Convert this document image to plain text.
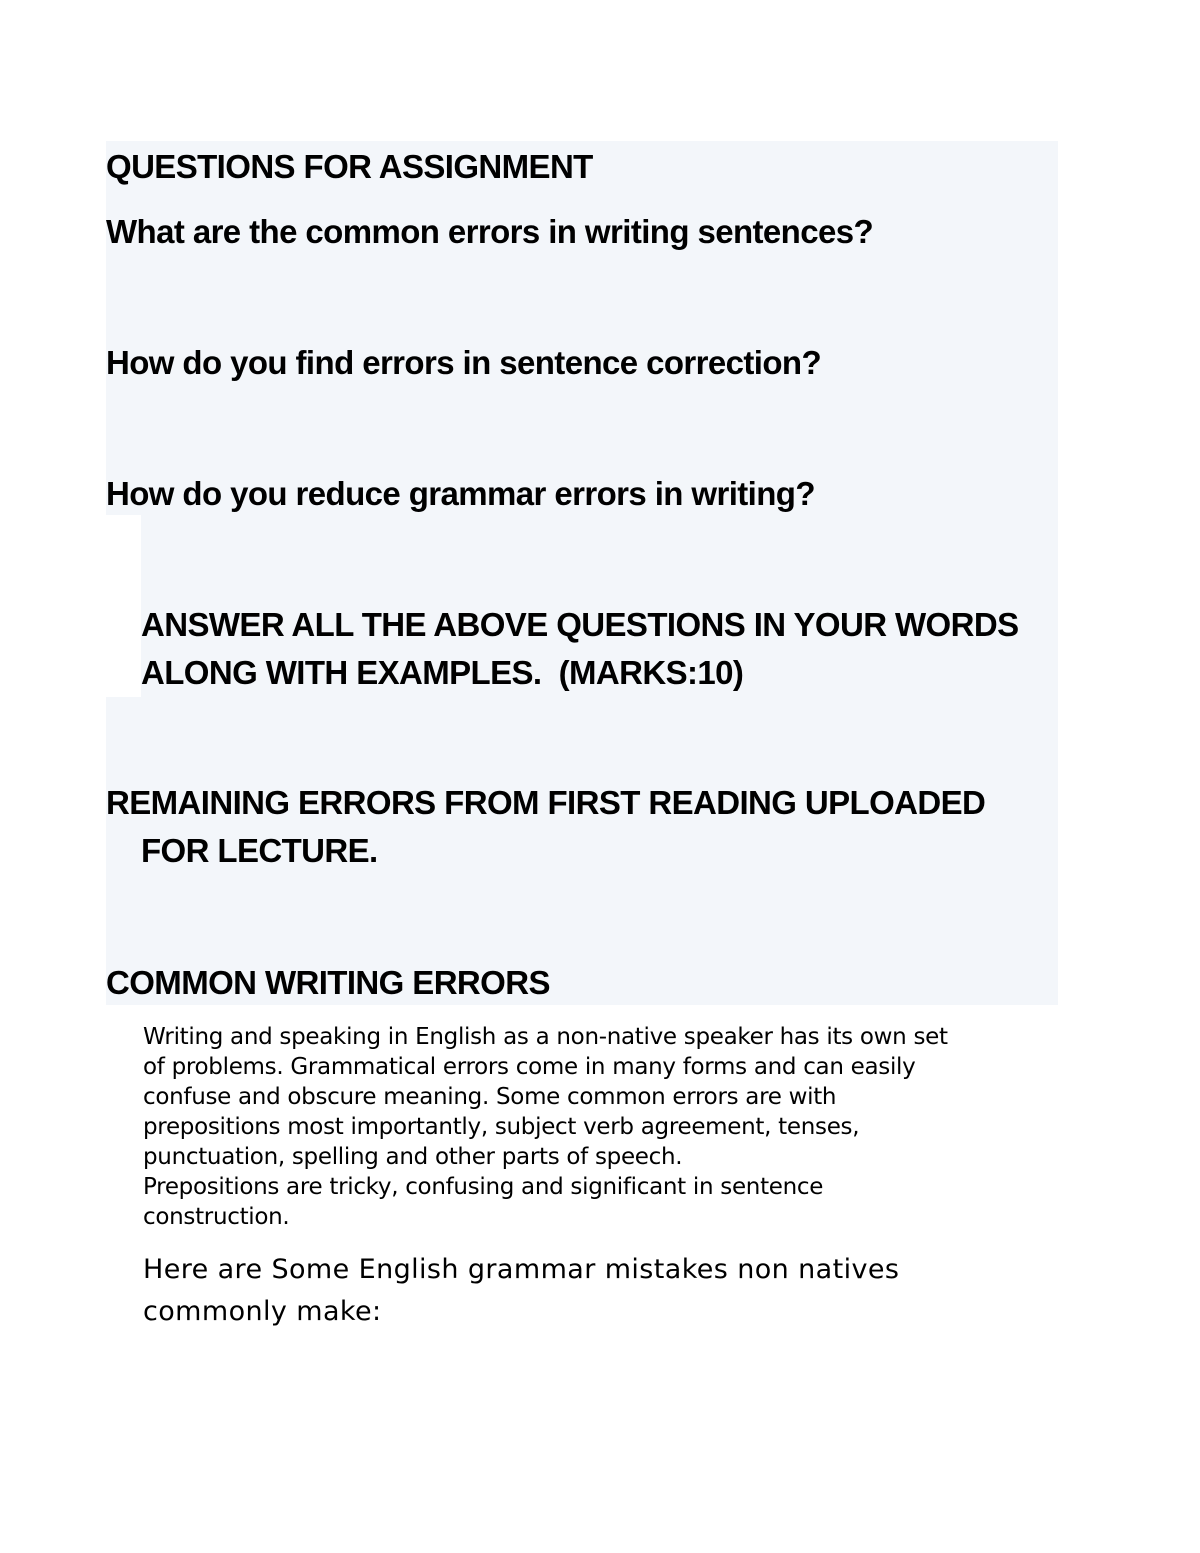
QUESTIONS FOR ASSIGNMENT

What are the common errors in writing sentences?

How do you find errors in sentence correction?

How do you reduce grammar errors in writing?

ANSWER ALL THE ABOVE QUESTIONS IN YOUR WORDS
ALONG WITH EXAMPLES.  (MARKS:10)
REMAINING ERRORS FROM FIRST READING UPLOADED
FOR LECTURE.
COMMON WRITING ERRORS
Writing and speaking in English as a non-native speaker has its own set
of problems. Grammatical errors come in many forms and can easily
confuse and obscure meaning. Some common errors are with
prepositions most importantly, subject verb agreement, tenses,
punctuation, spelling and other parts of speech.
Prepositions are tricky, confusing and significant in sentence
construction.
Here are Some English grammar mistakes non natives
commonly make:
